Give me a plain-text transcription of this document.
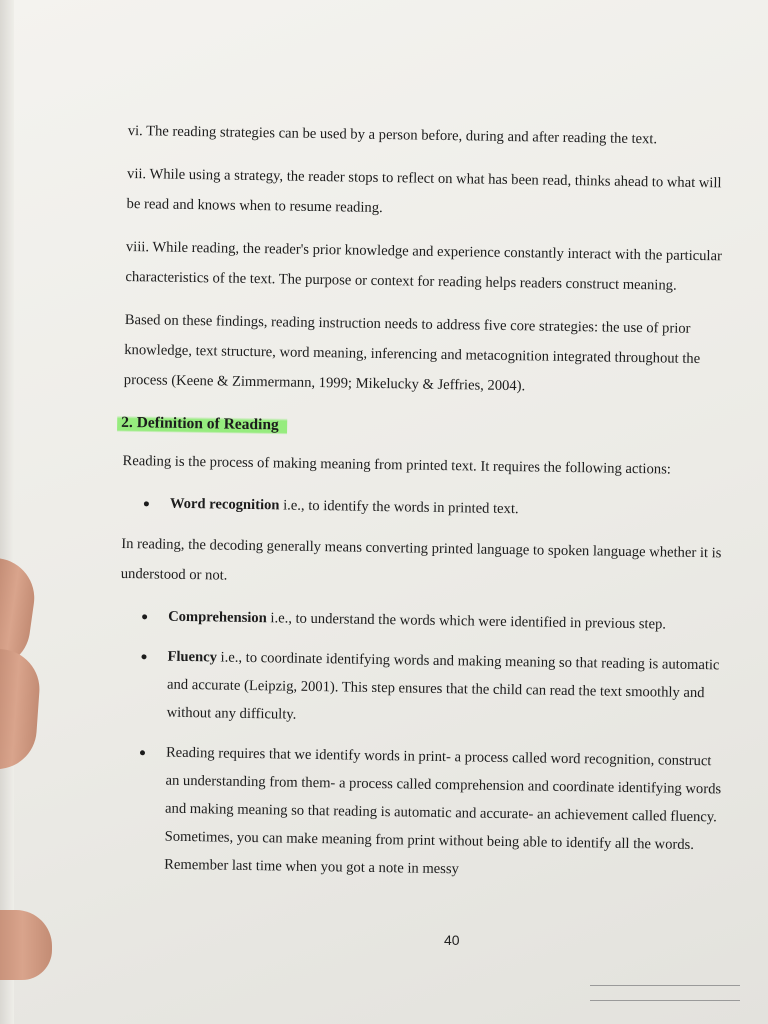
vi. The reading strategies can be used by a person before, during and after reading the text.

vii. While using a strategy, the reader stops to reflect on what has been read, thinks ahead to what will be read and knows when to resume reading.

viii. While reading, the reader's prior knowledge and experience constantly interact with the particular characteristics of the text. The purpose or context for reading helps readers construct meaning.

Based on these findings, reading instruction needs to address five core strategies: the use of prior knowledge, text structure, word meaning, inferencing and metacognition integrated throughout the process (Keene & Zimmermann, 1999; Mikelucky & Jeffries, 2004).

2. Definition of Reading

Reading is the process of making meaning from printed text. It requires the following actions:

Word recognition i.e., to identify the words in printed text.

In reading, the decoding generally means converting printed language to spoken language whether it is understood or not.

Comprehension i.e., to understand the words which were identified in previous step.
Fluency i.e., to coordinate identifying words and making meaning so that reading is automatic and accurate (Leipzig, 2001). This step ensures that the child can read the text smoothly and without any difficulty.
Reading requires that we identify words in print- a process called word recognition, construct an understanding from them- a process called comprehension and coordinate identifying words and making meaning so that reading is automatic and accurate- an achievement called fluency. Sometimes, you can make meaning from print without being able to identify all the words. Remember last time when you got a note in messy
40
